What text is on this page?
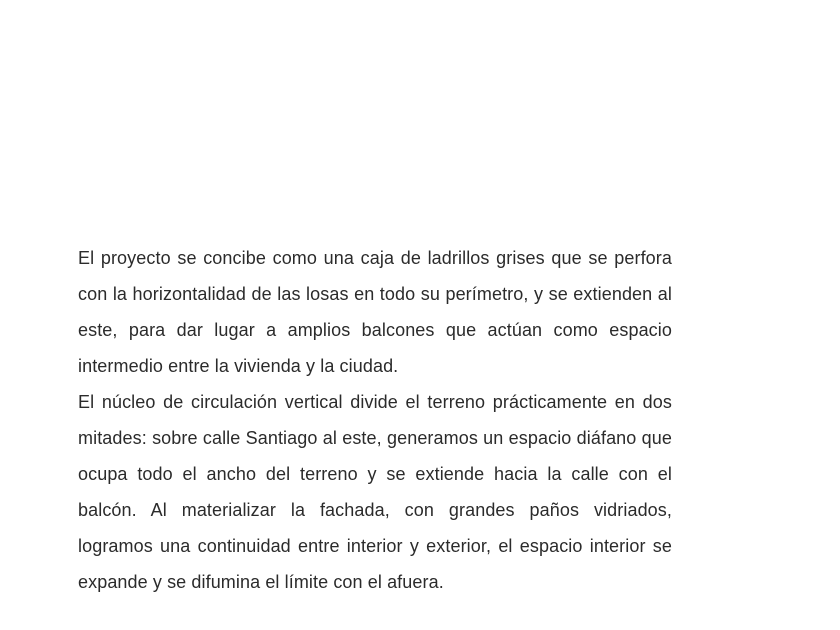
El proyecto se concibe como una caja de ladrillos grises que se perfora con la horizontalidad de las losas en todo su perímetro, y se extienden al este, para dar lugar a amplios balcones que actúan como espacio intermedio entre la vivienda y la ciudad.

El núcleo de circulación vertical divide el terreno prácticamente en dos mitades: sobre calle Santiago al este, generamos un espacio diáfano que ocupa todo el ancho del terreno y se extiende hacia la calle con el balcón. Al materializar la fachada, con grandes paños vidriados, logramos una continuidad entre interior y exterior, el espacio interior se expande y se difumina el límite con el afuera.
